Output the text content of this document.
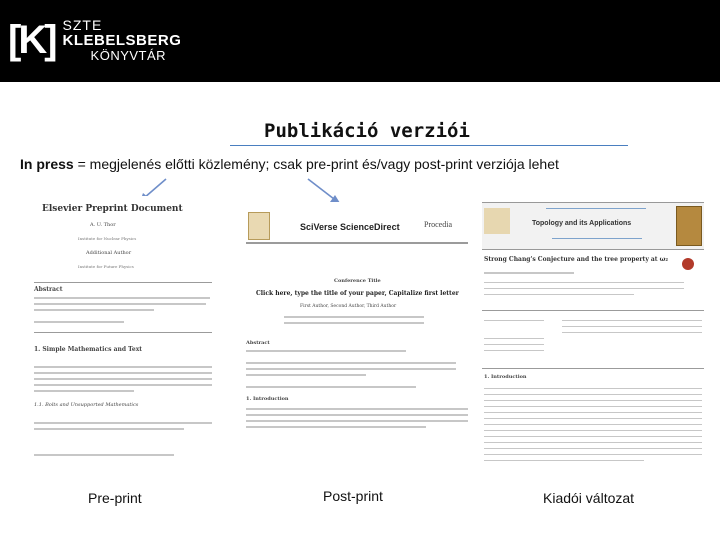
[K] SZTE
KLEBELSBERG
KÖNYVTÁR
Publikáció verziói
In press = megjelenés előtti közlemény; csak pre-print és/vagy post-print verziója lehet
Elsevier Preprint Document
A. U. Thor
Institute for Nuclear Physics
Additional Author
Institute for Future Physics
Abstract
1. Simple Mathematics and Text
1.1. Bolts and Unsupported Mathematics
SciVerse ScienceDirect	Procedia
Conference Title
Click here, type the title of your paper, Capitalize first letter
First Author, Second Author, Third Author
Abstract
1. Introduction
Topology and its Applications
Strong Chang's Conjecture and the tree property at ω₂
1. Introduction
Pre-print	Post-print	Kiadói változat
